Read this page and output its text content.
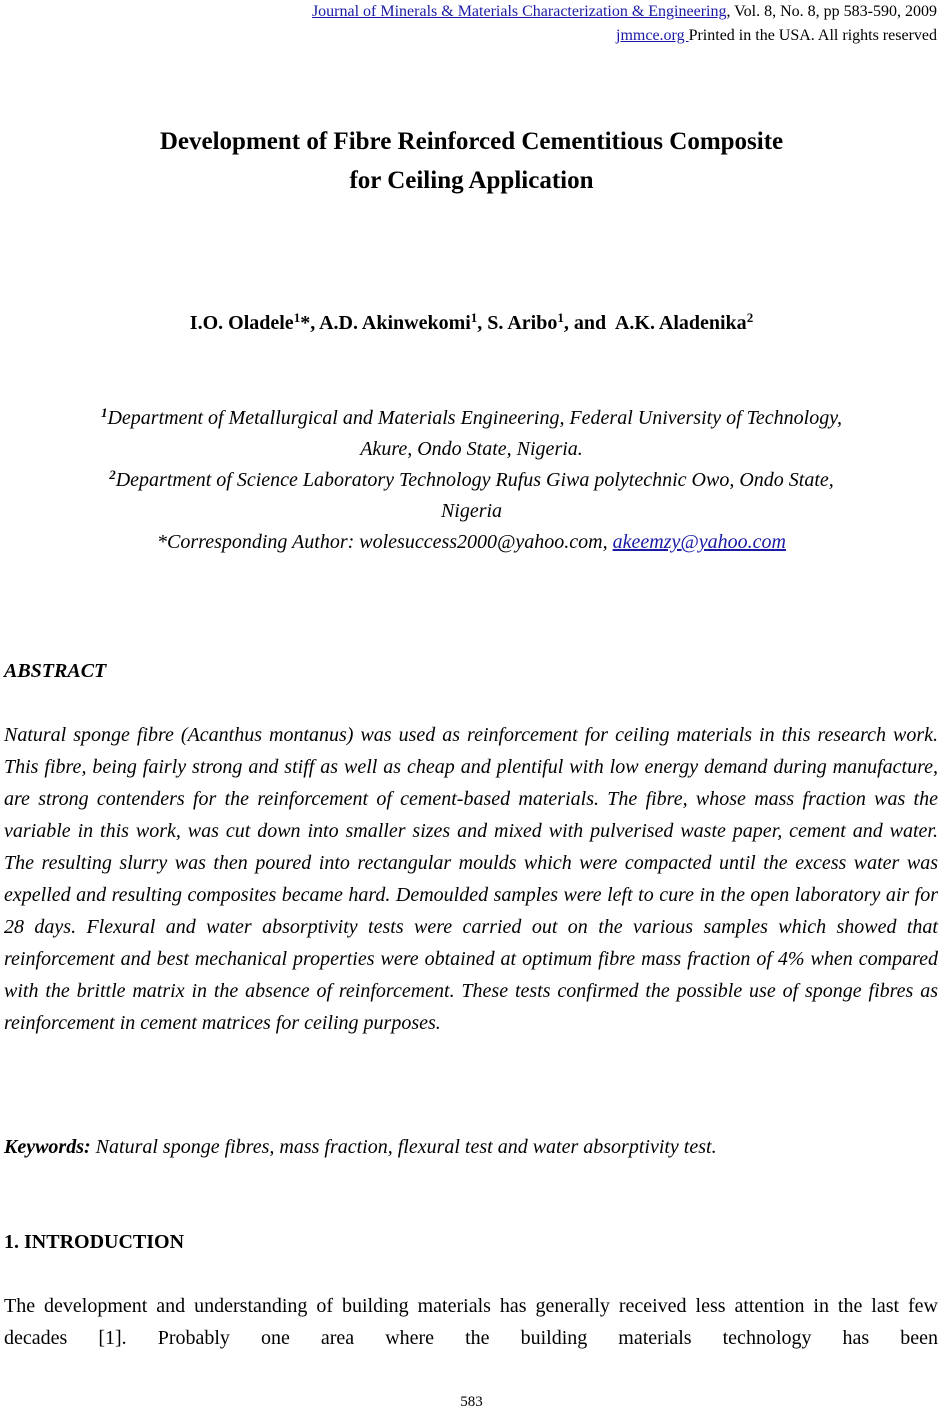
Journal of Minerals & Materials Characterization & Engineering, Vol. 8, No. 8, pp 583-590, 2009
jmmce.org Printed in the USA. All rights reserved
Development of Fibre Reinforced Cementitious Composite
for Ceiling Application
I.O. Oladele$^1$*, A.D. Akinwekomi$^1$, S. Aribo$^1$, and  A.K. Aladenika$^2$
$^1$Department of Metallurgical and Materials Engineering, Federal University of Technology,
Akure, Ondo State, Nigeria.
$^2$Department of Science Laboratory Technology Rufus Giwa polytechnic Owo, Ondo State,
Nigeria
*Corresponding Author: wolesuccess2000@yahoo.com, akeemzy@yahoo.com
ABSTRACT

Natural sponge fibre (Acanthus montanus) was used as reinforcement for ceiling materials in this research work. This fibre, being fairly strong and stiff as well as cheap and plentiful with low energy demand during manufacture, are strong contenders for the reinforcement of cement-based materials. The fibre, whose mass fraction was the variable in this work, was cut down into smaller sizes and mixed with pulverised waste paper, cement and water. The resulting slurry was then poured into rectangular moulds which were compacted until the excess water was expelled and resulting composites became hard. Demoulded samples were left to cure in the open laboratory air for 28 days. Flexural and water absorptivity tests were carried out on the various samples which showed that reinforcement and best mechanical properties were obtained at optimum fibre mass fraction of 4% when compared with the brittle matrix in the absence of reinforcement. These tests confirmed the possible use of sponge fibres as reinforcement in cement matrices for ceiling purposes.

Keywords: Natural sponge fibres, mass fraction, flexural test and water absorptivity test.

1. INTRODUCTION

The development and understanding of building materials has generally received less attention in the last few decades [1]. Probably one area where the building materials technology has been

583
